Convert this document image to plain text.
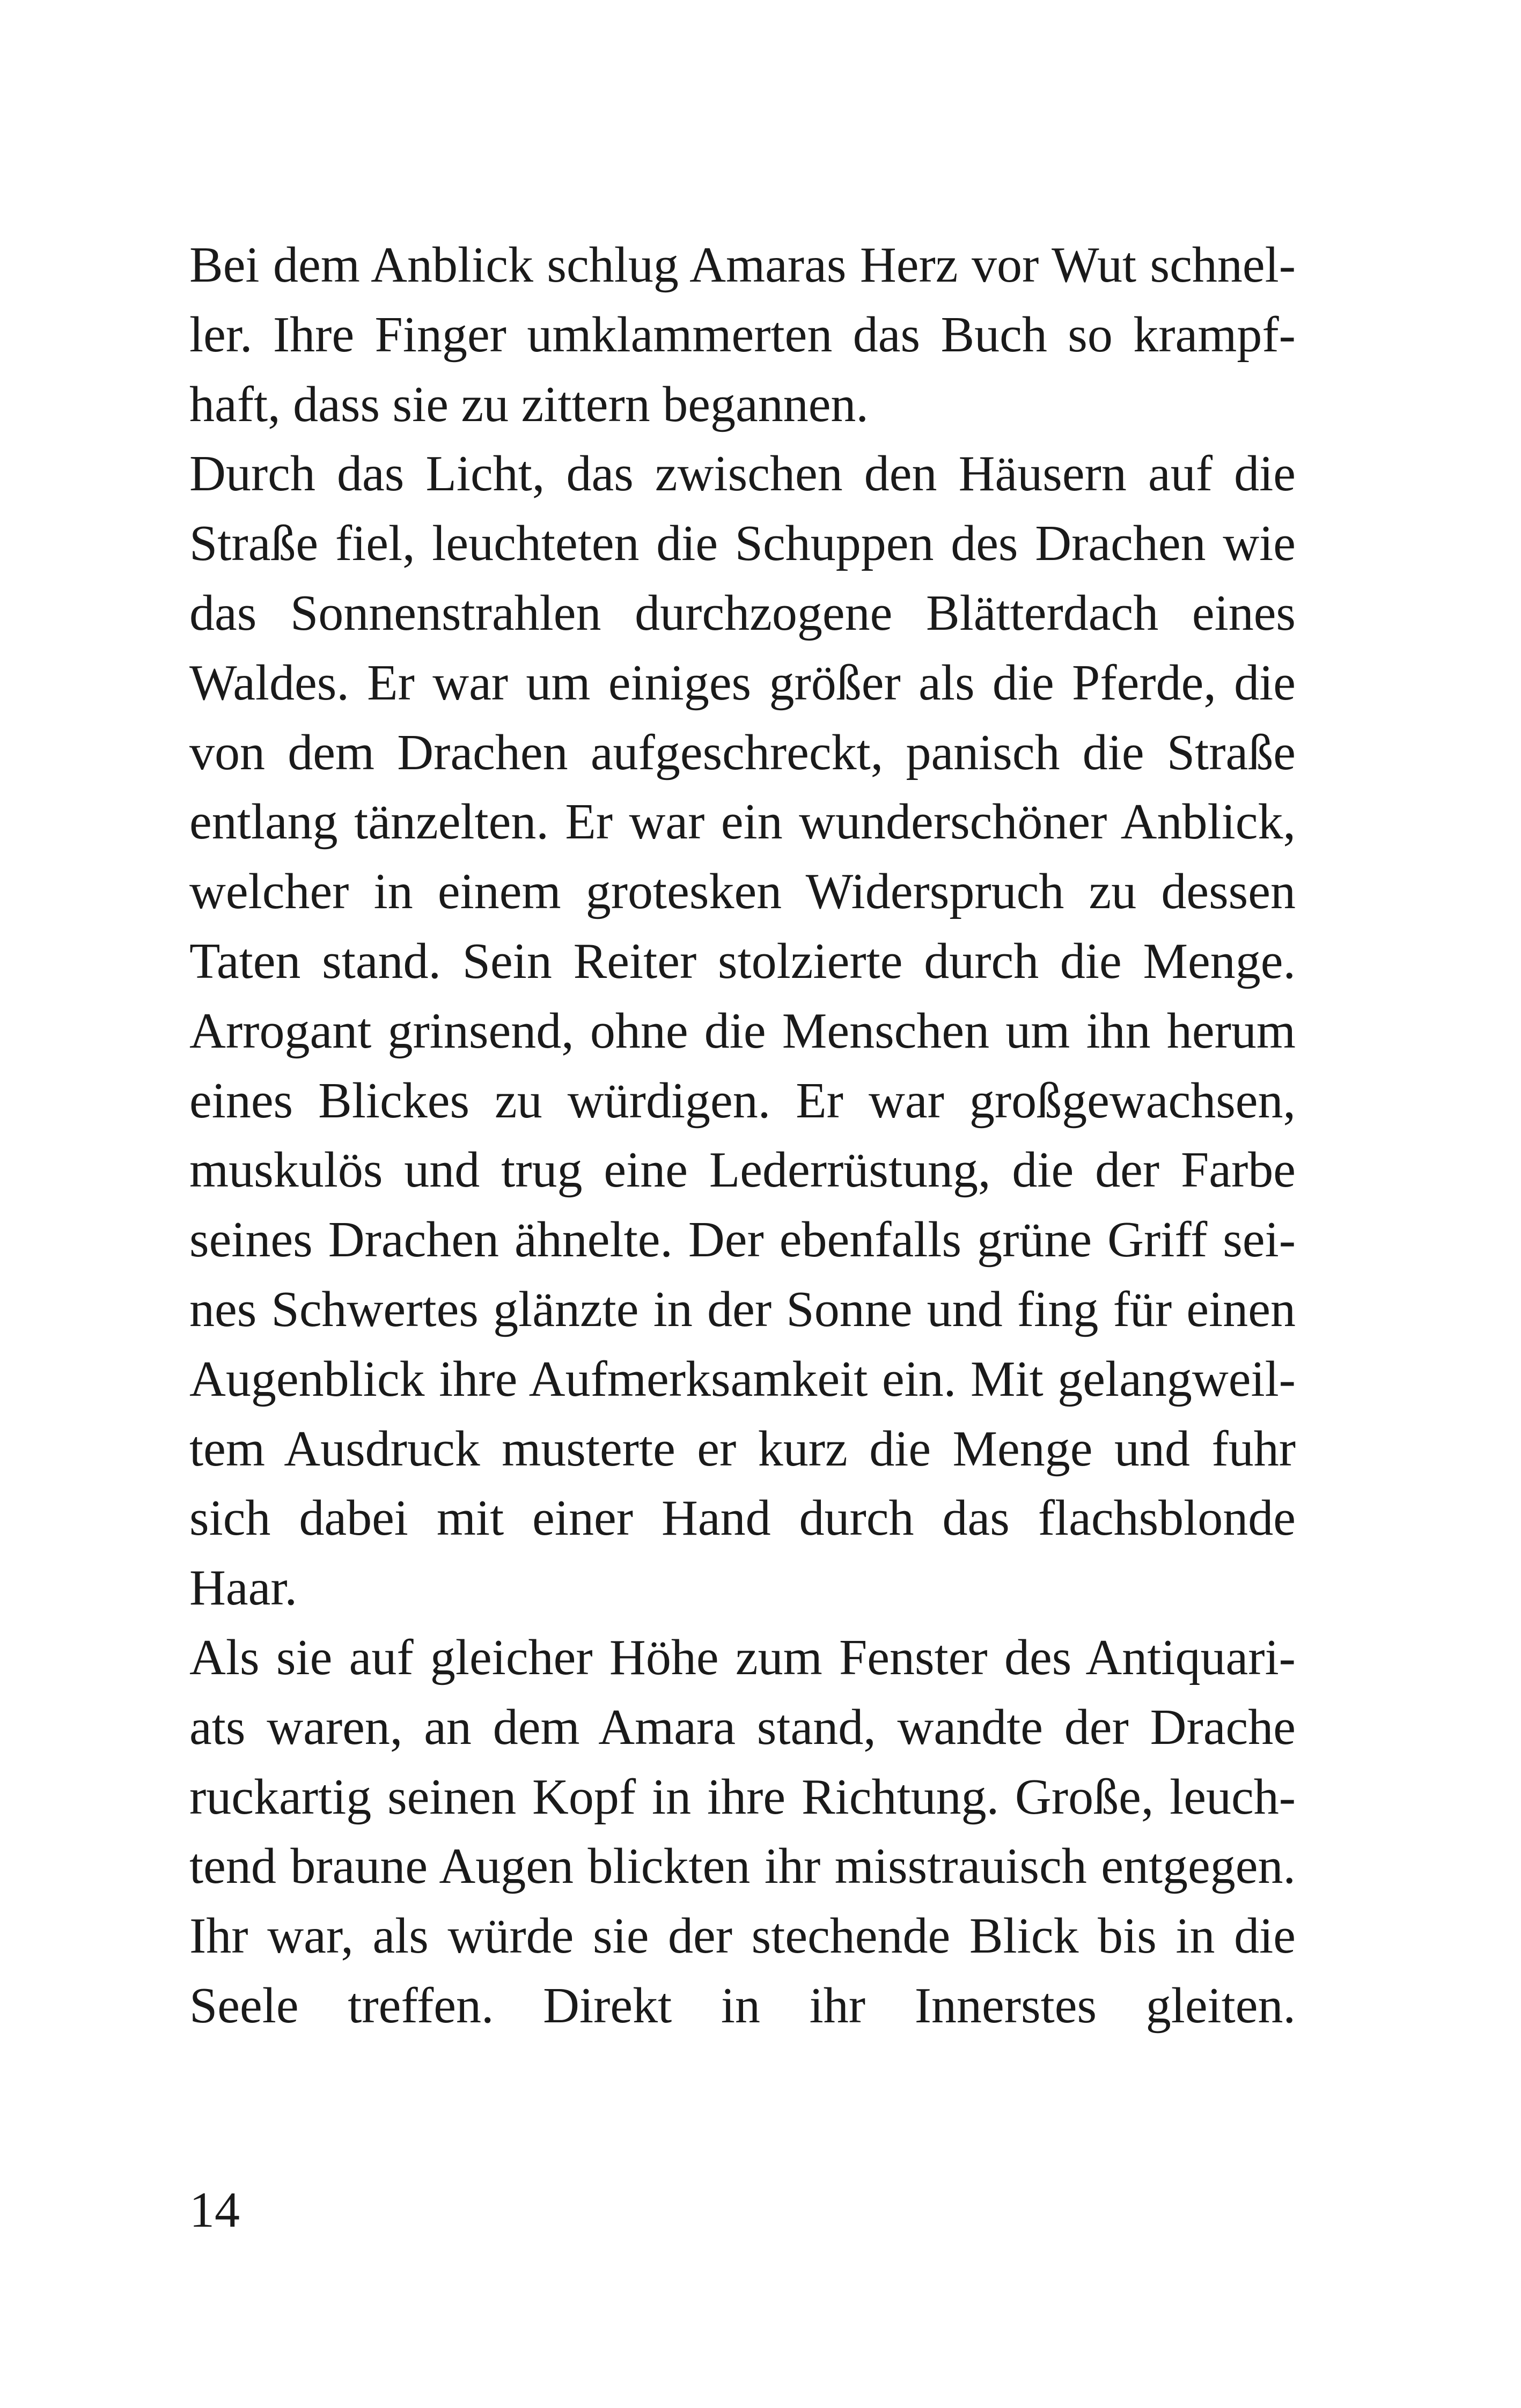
Bei dem Anblick schlug Amaras Herz vor Wut schnel-
ler. Ihre Finger umklammerten das Buch so krampf-
haft, dass sie zu zittern begannen.
Durch das Licht, das zwischen den Häusern auf die
Straße fiel, leuchteten die Schuppen des Drachen wie
das Sonnenstrahlen durchzogene Blätterdach eines
Waldes. Er war um einiges größer als die Pferde, die
von dem Drachen aufgeschreckt, panisch die Straße
entlang tänzelten. Er war ein wunderschöner Anblick,
welcher in einem grotesken Widerspruch zu dessen
Taten stand. Sein Reiter stolzierte durch die Menge.
Arrogant grinsend, ohne die Menschen um ihn herum
eines Blickes zu würdigen. Er war großgewachsen,
muskulös und trug eine Lederrüstung, die der Farbe
seines Drachen ähnelte. Der ebenfalls grüne Griff sei-
nes Schwertes glänzte in der Sonne und fing für einen
Augenblick ihre Aufmerksamkeit ein. Mit gelangweil-
tem Ausdruck musterte er kurz die Menge und fuhr
sich dabei mit einer Hand durch das flachsblonde
Haar.
Als sie auf gleicher Höhe zum Fenster des Antiquari-
ats waren, an dem Amara stand, wandte der Drache
ruckartig seinen Kopf in ihre Richtung. Große, leuch-
tend braune Augen blickten ihr misstrauisch entgegen.
Ihr war, als würde sie der stechende Blick bis in die
Seele treffen. Direkt in ihr Innerstes gleiten.
14
